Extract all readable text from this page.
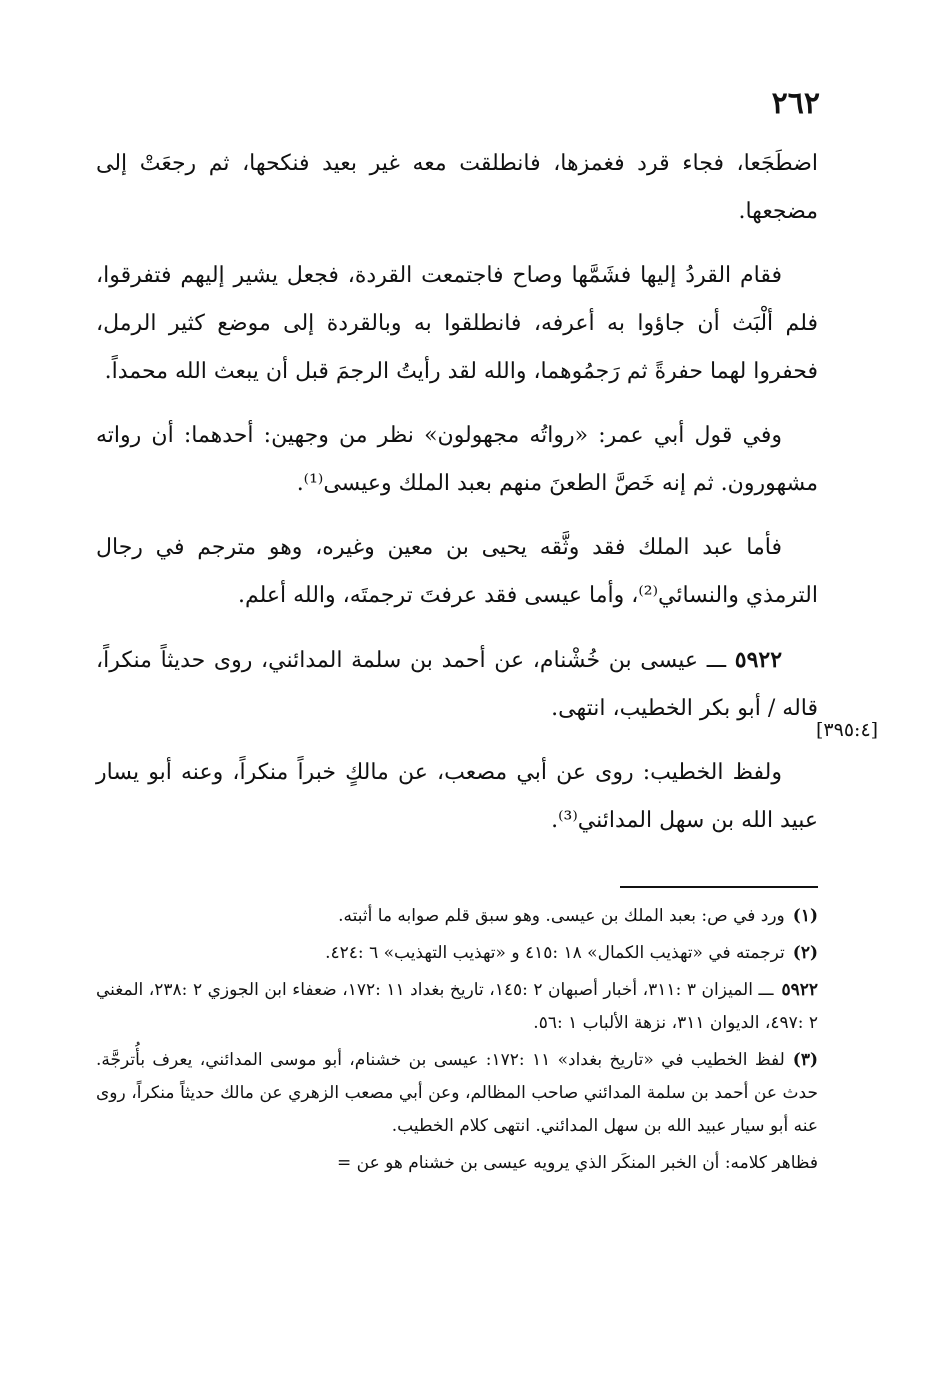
٢٦٢

اضطَجَعا، فجاء قرد فغمزها، فانطلقت معه غير بعيد فنكحها، ثم رجعَتْ إلى مضجعها.

فقام القردُ إليها فشَمَّها وصاح فاجتمعت القردة، فجعل يشير إليهم فتفرقوا، فلم ألْبَث أن جاؤوا به أعرفه، فانطلقوا به وبالقردة إلى موضع كثير الرمل، فحفروا لهما حفرةً ثم رَجمُوهما، والله لقد رأيتُ الرجمَ قبل أن يبعث الله محمداً.

وفي قول أبي عمر: «رواتُه مجهولون» نظر من وجهين: أحدهما: أن رواته مشهورون. ثم إنه خَصَّ الطعنَ منهم بعبد الملك وعيسى⁽¹⁾.

فأما عبد الملك فقد وثَّقه يحيى بن معين وغيره، وهو مترجم في رجال الترمذي والنسائي⁽²⁾، وأما عيسى فقد عرفتَ ترجمتَه، والله أعلم.

٥٩٢٢ ـــ عيسى بن خُشْنام، عن أحمد بن سلمة المدائني، روى حديثاً منكراً، قاله / أبو بكر الخطيب، انتهى.

ولفظ الخطيب: روى عن أبي مصعب، عن مالكٍ خبراً منكراً، وعنه أبو يسار عبيد الله بن سهل المدائني⁽³⁾.

[٣٩٥:٤]

(١)ورد في ص: بعبد الملك بن عيسى. وهو سبق قلم صوابه ما أثبته.

(٢)ترجمته في «تهذيب الكمال» ١٨ :٤١٥ و «تهذيب التهذيب» ٦ :٤٢٤.

٥٩٢٢ـــ الميزان ٣ :٣١١، أخبار أصبهان ٢ :١٤٥، تاريخ بغداد ١١ :١٧٢، ضعفاء ابن الجوزي ٢ :٢٣٨، المغني ٢ :٤٩٧، الديوان ٣١١، نزهة الألباب ١ :٥٦.

(٣)لفظ الخطيب في «تاريخ بغداد» ١١ :١٧٢: عيسى بن خشنام، أبو موسى المدائني، يعرف بأُترجَّة. حدث عن أحمد بن سلمة المدائني صاحب المظالم، وعن أبي مصعب الزهري عن مالك حديثاً منكراً، روى عنه أبو سيار عبيد الله بن سهل المدائني. انتهى كلام الخطيب.

فظاهر كلامه: أن الخبر المنكَر الذي يرويه عيسى بن خشنام هو عن =
